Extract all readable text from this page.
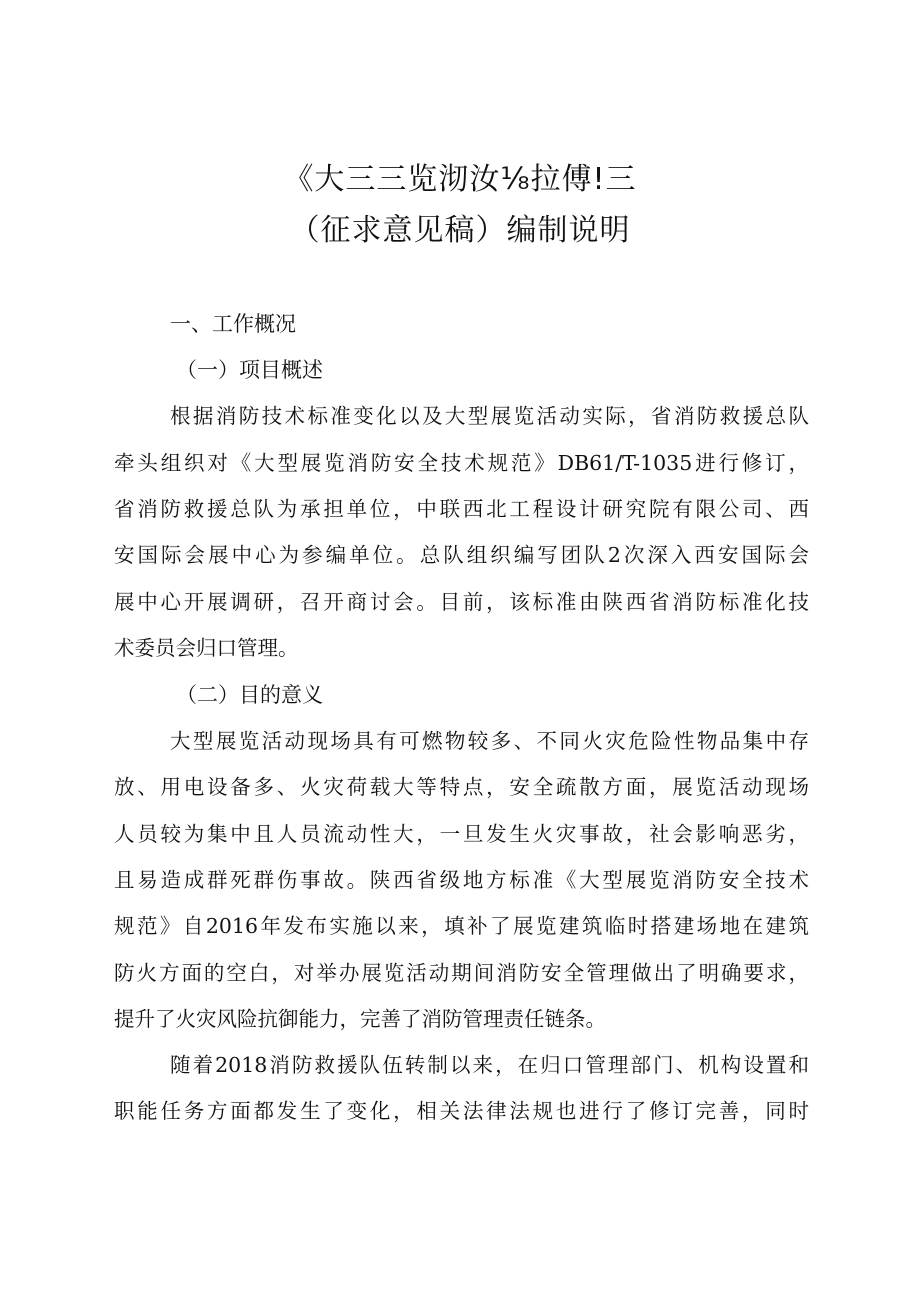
《大三三览沏汝⅛拉傅!三
（征求意见稿）编制说明
一、工作概况
（一）项目概述
根据消防技术标准变化以及大型展览活动实际，省消防救援总队
牵头组织对《大型展览消防安全技术规范》DB61/T-1035进行修订，
省消防救援总队为承担单位，中联西北工程设计研究院有限公司、西
安国际会展中心为参编单位。总队组织编写团队2次深入西安国际会
展中心开展调研，召开商讨会。目前，该标准由陕西省消防标准化技
术委员会归口管理。
（二）目的意义
大型展览活动现场具有可燃物较多、不同火灾危险性物品集中存
放、用电设备多、火灾荷载大等特点，安全疏散方面，展览活动现场
人员较为集中且人员流动性大，一旦发生火灾事故，社会影响恶劣，
且易造成群死群伤事故。陕西省级地方标准《大型展览消防安全技术
规范》自2016年发布实施以来，填补了展览建筑临时搭建场地在建筑
防火方面的空白，对举办展览活动期间消防安全管理做出了明确要求，
提升了火灾风险抗御能力，完善了消防管理责任链条。
随着2018消防救援队伍转制以来，在归口管理部门、机构设置和
职能任务方面都发生了变化，相关法律法规也进行了修订完善，同时
